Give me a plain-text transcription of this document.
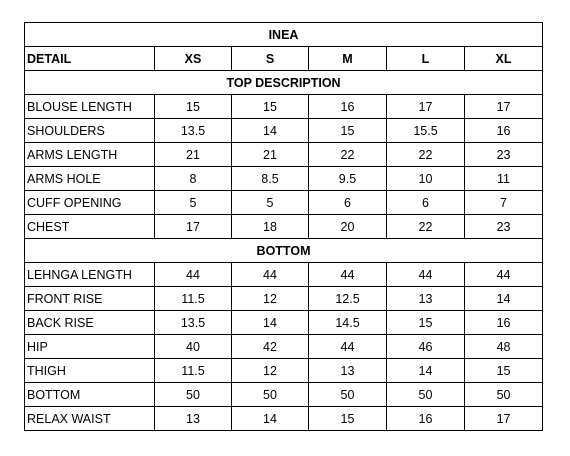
INEA					
DETAIL	XS	S	M	L	XL
TOP DESCRIPTION					
BLOUSE LENGTH	15	15	16	17	17
SHOULDERS	13.5	14	15	15.5	16
ARMS LENGTH	21	21	22	22	23
ARMS HOLE	8	8.5	9.5	10	11
CUFF OPENING	5	5	6	6	7
CHEST	17	18	20	22	23
BOTTOM					
LEHNGA LENGTH	44	44	44	44	44
FRONT RISE	11.5	12	12.5	13	14
BACK RISE	13.5	14	14.5	15	16
HIP	40	42	44	46	48
THIGH	11.5	12	13	14	15
BOTTOM	50	50	50	50	50
RELAX WAIST	13	14	15	16	17
